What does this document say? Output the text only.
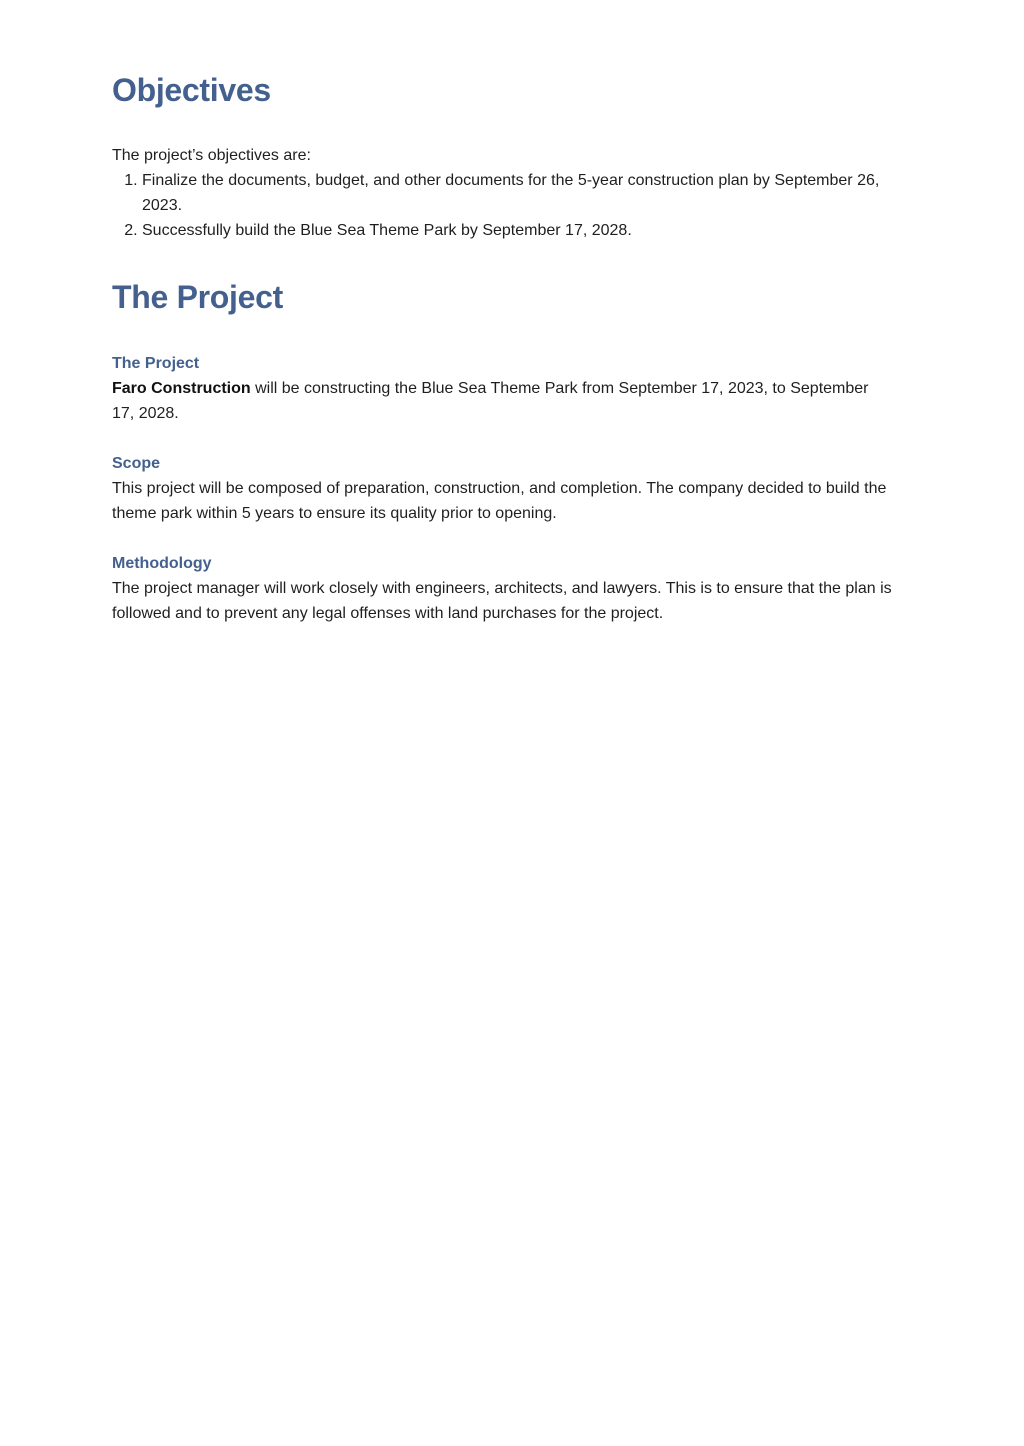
Objectives

The project’s objectives are:

1. Finalize the documents, budget, and other documents for the 5-year construction plan by September 26, 2023.
2. Successfully build the Blue Sea Theme Park by September 17, 2028.
The Project
The Project

Faro Construction will be constructing the Blue Sea Theme Park from September 17, 2023, to September 17, 2028.

Scope

This project will be composed of preparation, construction, and completion. The company decided to build the theme park within 5 years to ensure its quality prior to opening.

Methodology

The project manager will work closely with engineers, architects, and lawyers. This is to ensure that the plan is followed and to prevent any legal offenses with land purchases for the project.
